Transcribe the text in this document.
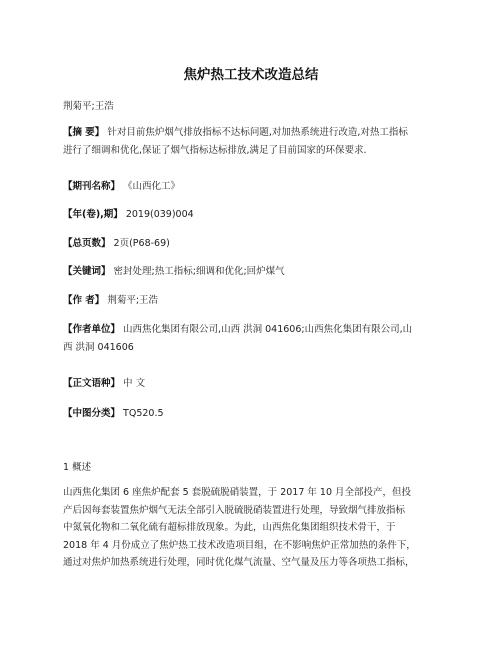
焦炉热工技术改造总结
荆菊平;王浩
【摘 要】 针对目前焦炉烟气排放指标不达标问题,对加热系统进行改造,对热工指标
进行了细调和优化,保证了烟气指标达标排放,满足了目前国家的环保要求.
【期刊名称】 《山西化工》
【年(卷),期】 2019(039)004
【总页数】 2页(P68-69)
【关键词】 密封处理;热工指标;细调和优化;回炉煤气
【作 者】 荆菊平;王浩
【作者单位】 山西焦化集团有限公司,山西 洪洞 041606;山西焦化集团有限公司,山
西 洪洞 041606
【正文语种】 中 文
【中图分类】 TQ520.5
1 概述
山西焦化集团 6 座焦炉配套 5 套脱硫脱硝装置，于 2017 年 10 月全部投产，但投
产后因每套装置焦炉烟气无法全部引入脱硫脱硝装置进行处理，导致烟气排放指标
中氮氧化物和二氧化硫有超标排放现象。为此，山西焦化集团组织技术骨干，于
2018 年 4 月份成立了焦炉热工技术改造项目组，在不影响焦炉正常加热的条件下，
通过对焦炉加热系统进行处理，同时优化煤气流量、空气量及压力等各项热工指标，
